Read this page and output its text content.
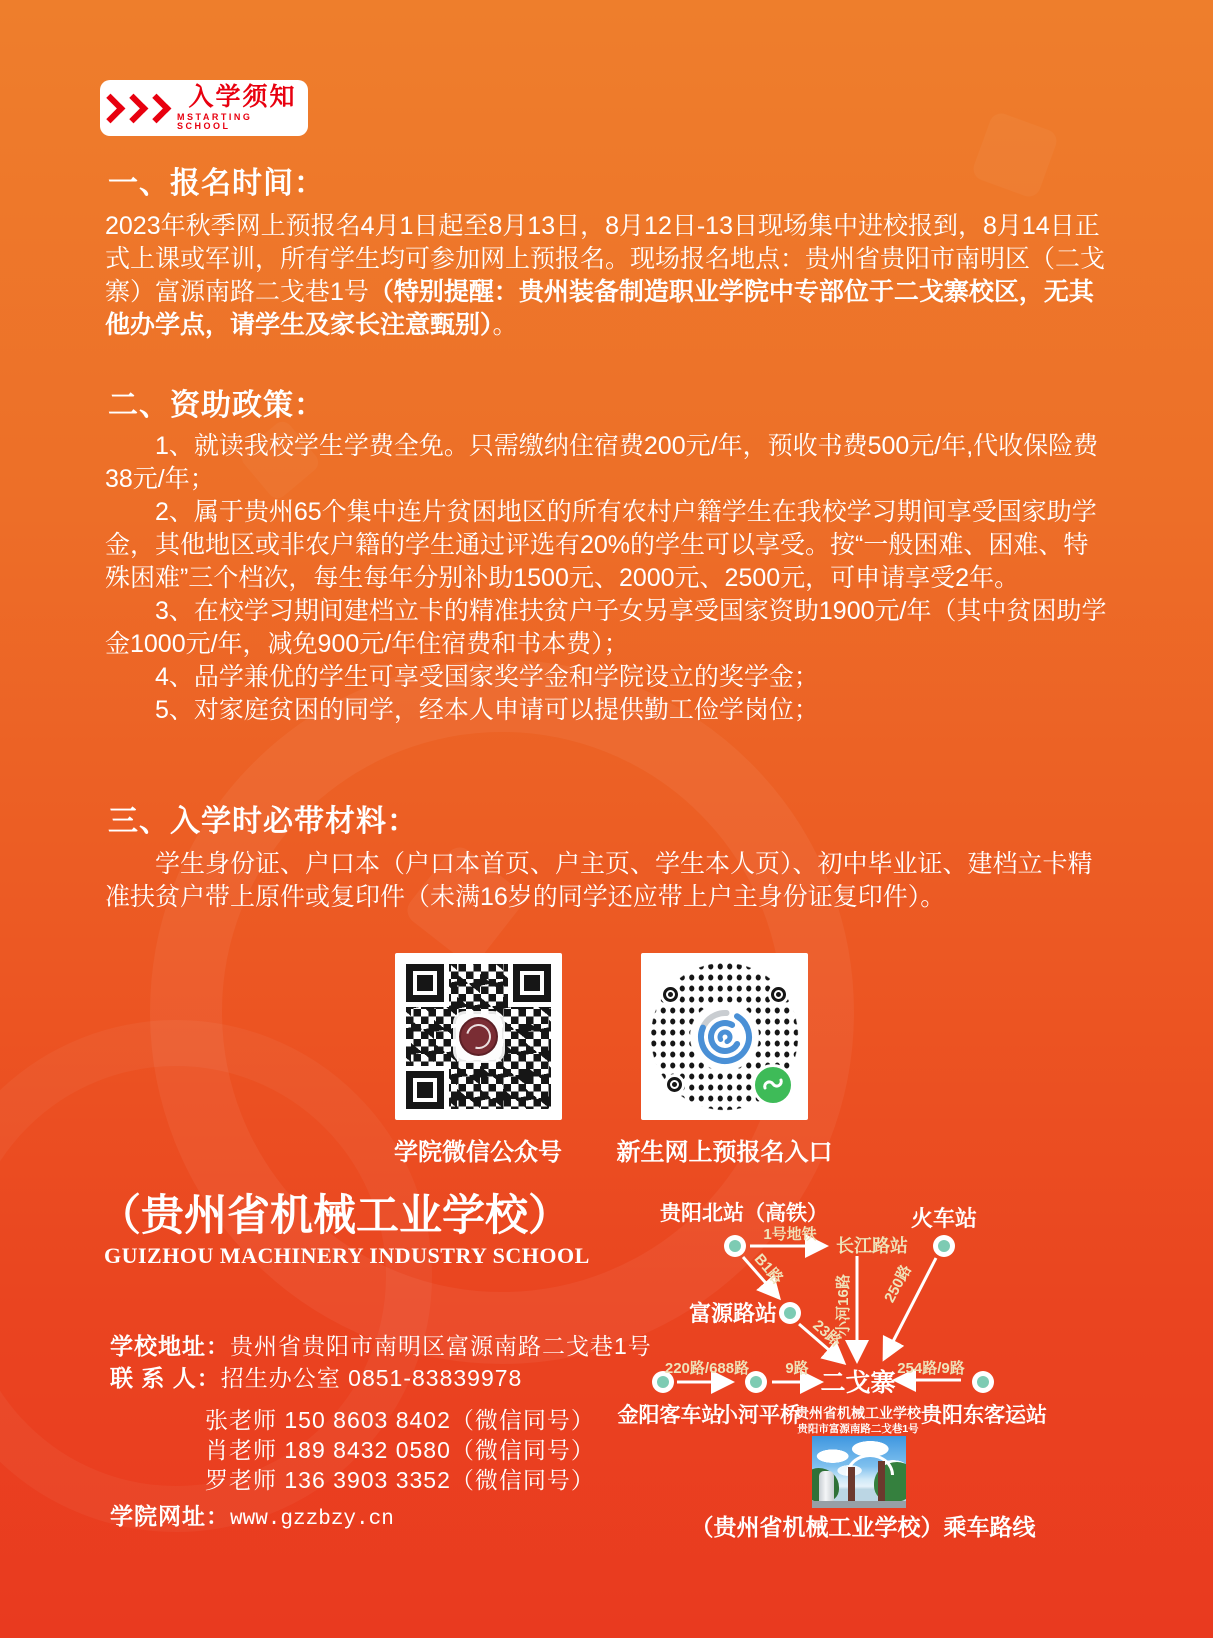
入学须知
MSTARTING SCHOOL
一、报名时间：

2023年秋季网上预报名4月1日起至8月13日，8月12日-13日现场集中进校报到，8月14日正式上课或军训，所有学生均可参加网上预报名。现场报名地点：贵州省贵阳市南明区（二戈寨）富源南路二戈巷1号（特别提醒：贵州装备制造职业学院中专部位于二戈寨校区，无其他办学点，请学生及家长注意甄别）。

二、资助政策：

1、就读我校学生学费全免。只需缴纳住宿费200元/年，预收书费500元/年,代收保险费38元/年；

2、属于贵州65个集中连片贫困地区的所有农村户籍学生在我校学习期间享受国家助学金，其他地区或非农户籍的学生通过评选有20%的学生可以享受。按“一般困难、困难、特殊困难”三个档次，每生每年分别补助1500元、2000元、2500元，可申请享受2年。

3、在校学习期间建档立卡的精准扶贫户子女另享受国家资助1900元/年（其中贫困助学金1000元/年，减免900元/年住宿费和书本费）；

4、品学兼优的学生可享受国家奖学金和学院设立的奖学金；

5、对家庭贫困的同学，经本人申请可以提供勤工俭学岗位；

三、入学时必带材料：

学生身份证、户口本（户口本首页、户主页、学生本人页）、初中毕业证、建档立卡精准扶贫户带上原件或复印件（未满16岁的同学还应带上户主身份证复印件）。

学院微信公众号	新生网上预报名入口
（贵州省机械工业学校）
GUIZHOU MACHINERY INDUSTRY SCHOOL
学校地址：贵州省贵阳市南明区富源南路二戈巷1号
联 系 人：招生办公室 0851-83839978
张老师 150 8603 8402（微信同号）
肖老师 189 8432 0580（微信同号）
罗老师 136 3903 3352（微信同号）
学院网址：www.gzzbzy.cn
贵阳北站（高铁）	火车站
长江路站
富源路站
金阳客车站
小河平桥
二戈寨
贵阳东客运站
1号地铁
B1路
23路
小河16路 250路
220路/688路 9路	254路/9路
贵州省机械工业学校
贵阳市富源南路二戈巷1号
（贵州省机械工业学校）乘车路线
